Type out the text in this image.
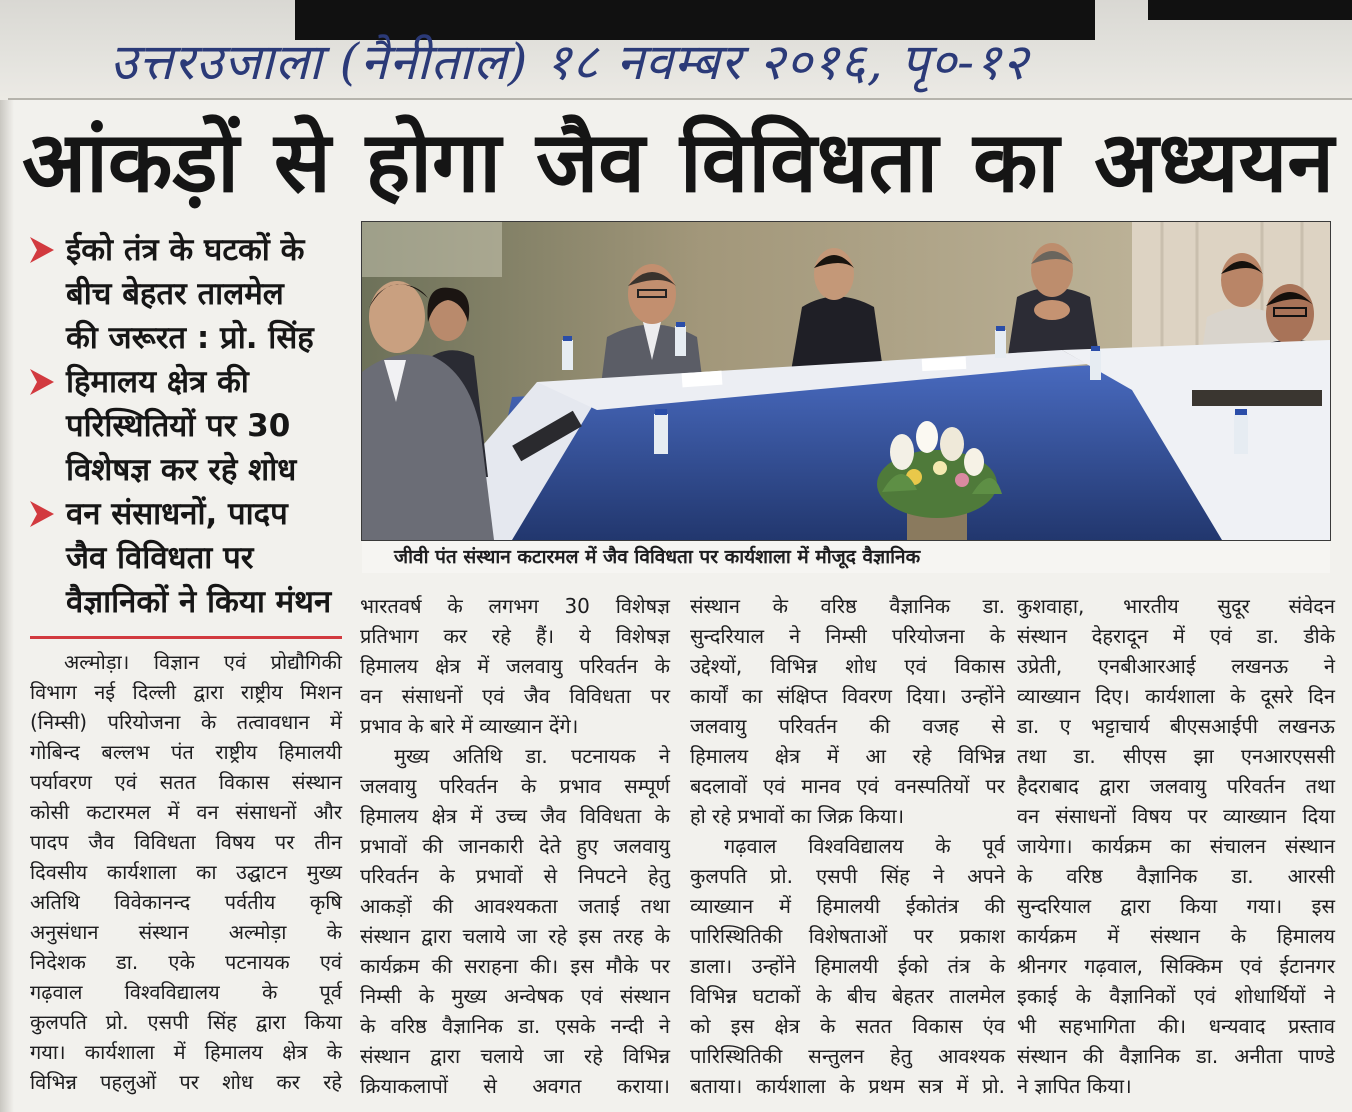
उत्तरउजाला (नैनीताल) १८ नवम्बर २०१६, पृ०-१२
आंकड़ों से होगा जैव विविधता का अध्ययन
ईको तंत्र के घटकों के
बीच बेहतर तालमेल
की जरूरत : प्रो. सिंह
हिमालय क्षेत्र की
परिस्थितियों पर 30
विशेषज्ञ कर रहे शोध
वन संसाधनों, पादप
जैव विविधता पर
वैज्ञानिकों ने किया मंथन
जीवी पंत संस्थान कटारमल में जैव विविधता पर कार्यशाला में मौजूद वैज्ञानिक
अल्मोड़ा। विज्ञान एवं प्रोद्यौगिकी
विभाग नई दिल्ली द्वारा राष्ट्रीय मिशन
(निम्सी) परियोजना के तत्वावधान में
गोबिन्द बल्लभ पंत राष्ट्रीय हिमालयी
पर्यावरण एवं सतत विकास संस्थान
कोसी कटारमल में वन संसाधनों और
पादप जैव विविधता विषय पर तीन
दिवसीय कार्यशाला का उद्घाटन मुख्य
अतिथि विवेकानन्द पर्वतीय कृषि
अनुसंधान संस्थान अल्मोड़ा के
निदेशक डा. एके पटनायक एवं
गढ़वाल विश्वविद्यालय के पूर्व
कुलपति प्रो. एसपी सिंह द्वारा किया
गया। कार्यशाला में हिमालय क्षेत्र के
विभिन्न पहलुओं पर शोध कर रहे
भारतवर्ष के लगभग 30 विशेषज्ञ
प्रतिभाग कर रहे हैं। ये विशेषज्ञ
हिमालय क्षेत्र में जलवायु परिवर्तन के
वन संसाधनों एवं जैव विविधता पर
प्रभाव के बारे में व्याख्यान देंगे।
मुख्य अतिथि डा. पटनायक ने
जलवायु परिवर्तन के प्रभाव सम्पूर्ण
हिमालय क्षेत्र में उच्च जैव विविधता के
प्रभावों की जानकारी देते हुए जलवायु
परिवर्तन के प्रभावों से निपटने हेतु
आकड़ों की आवश्यकता जताई तथा
संस्थान द्वारा चलाये जा रहे इस तरह के
कार्यक्रम की सराहना की। इस मौके पर
निम्सी के मुख्य अन्वेषक एवं संस्थान
के वरिष्ठ वैज्ञानिक डा. एसके नन्दी ने
संस्थान द्वारा चलाये जा रहे विभिन्न
क्रियाकलापों से अवगत कराया।
संस्थान के वरिष्ठ वैज्ञानिक डा.
सुन्दरियाल ने निम्सी परियोजना के
उद्देश्यों, विभिन्न शोध एवं विकास
कार्यों का संक्षिप्त विवरण दिया। उन्होंने
जलवायु परिवर्तन की वजह से
हिमालय क्षेत्र में आ रहे विभिन्न
बदलावों एवं मानव एवं वनस्पतियों पर
हो रहे प्रभावों का जिक्र किया।
गढ़वाल विश्वविद्यालय के पूर्व
कुलपति प्रो. एसपी सिंह ने अपने
व्याख्यान में हिमालयी ईकोतंत्र की
पारिस्थितिकी विशेषताओं पर प्रकाश
डाला। उन्होंने हिमालयी ईको तंत्र के
विभिन्न घटाकों के बीच बेहतर तालमेल
को इस क्षेत्र के सतत विकास एंव
पारिस्थितिकी सन्तुलन हेतु आवश्यक
बताया। कार्यशाला के प्रथम सत्र में प्रो.
कुशवाहा, भारतीय सुदूर संवेदन
संस्थान देहरादून में एवं डा. डीके
उप्रेती, एनबीआरआई लखनऊ ने
व्याख्यान दिए। कार्यशाला के दूसरे दिन
डा. ए भट्टाचार्य बीएसआईपी लखनऊ
तथा डा. सीएस झा एनआरएससी
हैदराबाद द्वारा जलवायु परिवर्तन तथा
वन संसाधनों विषय पर व्याख्यान दिया
जायेगा। कार्यक्रम का संचालन संस्थान
के वरिष्ठ वैज्ञानिक डा. आरसी
सुन्दरियाल द्वारा किया गया। इस
कार्यक्रम में संस्थान के हिमालय
श्रीनगर गढ़वाल, सिक्किम एवं ईटानगर
इकाई के वैज्ञानिकों एवं शोधार्थियों ने
भी सहभागिता की। धन्यवाद प्रस्ताव
संस्थान की वैज्ञानिक डा. अनीता पाण्डे
ने ज्ञापित किया।
